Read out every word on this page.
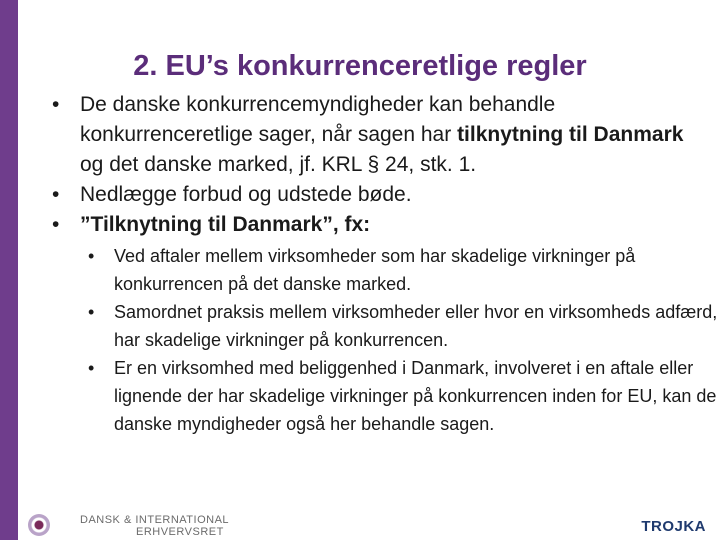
2. EU’s konkurrenceretlige regler
• De danske konkurrencemyndigheder kan behandle konkurrenceretlige sager, når sagen har tilknytning til Danmark og det danske marked, jf. KRL § 24, stk. 1.
• Nedlægge forbud og udstede bøde.
• ”Tilknytning til Danmark”, fx:
•	Ved aftaler mellem virksomheder som har skadelige virkninger på konkurrencen på det danske marked.
•	Samordnet praksis mellem virksomheder eller hvor en virksomheds adfærd, har skadelige virkninger på konkurrencen.
•	Er en virksomhed med beliggenhed i Danmark, involveret i en aftale eller lignende der har skadelige virkninger på konkurrencen inden for EU, kan de danske myndigheder også her behandle sagen.
DANSK & INTERNATIONAL
ERHVERVSRET	TROJKA
